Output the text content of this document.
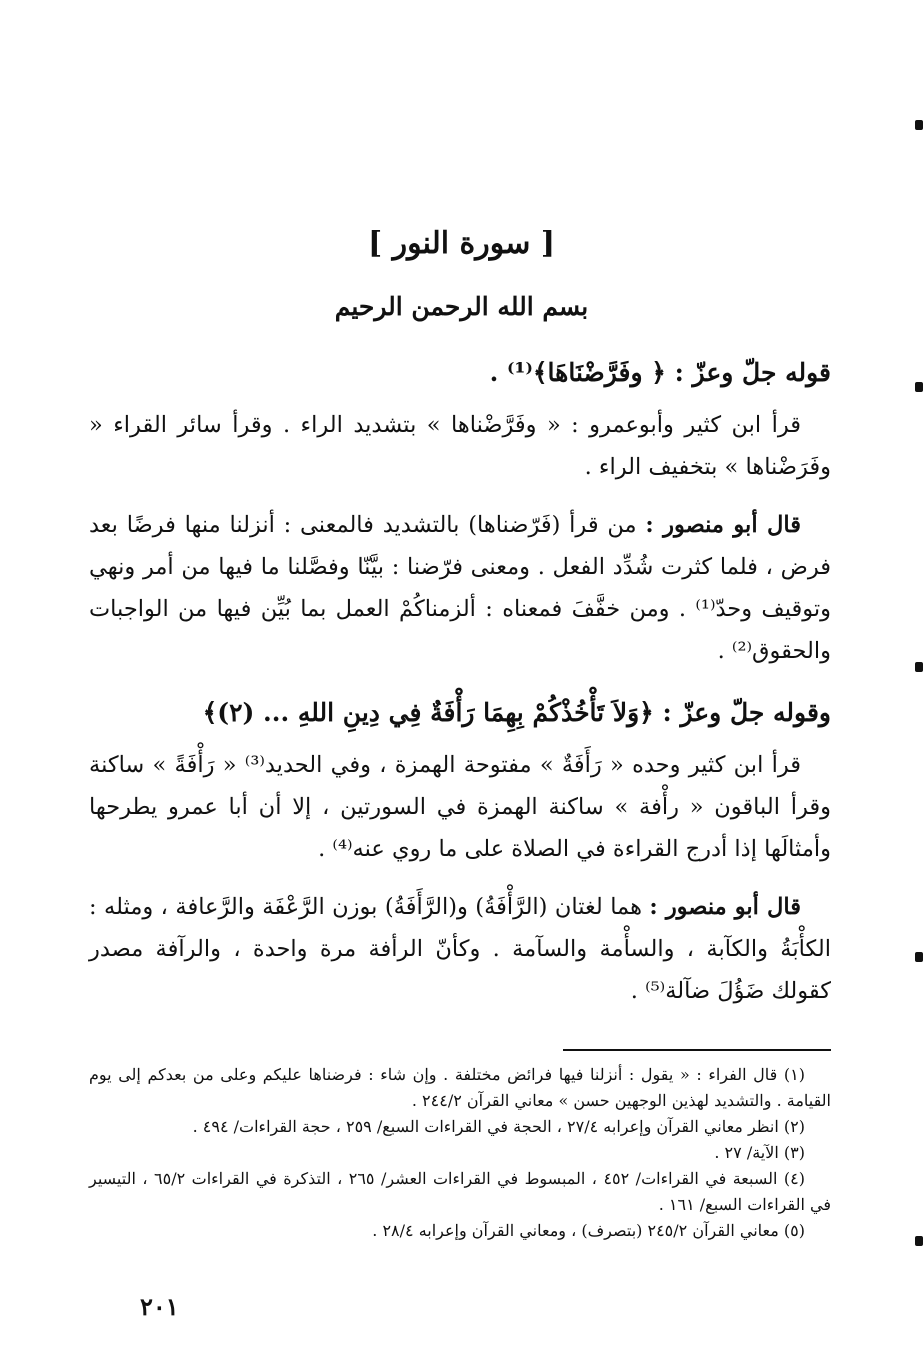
[ سورة النور ]
بسم الله الرحمن الرحيم

قوله جلّ وعزّ : ﴿ وفَرَّضْنَاهَا﴾⁽¹⁾ .

قرأ ابن كثير وأبوعمرو : « وفَرَّضْناها » بتشديد الراء . وقرأ سائر القراء « وفَرَضْناها » بتخفيف الراء .

قال أبو منصور : من قرأ (فَرّضناها) بالتشديد فالمعنى : أنزلنا منها فرضًا بعد فرض ، فلما كثرت شُدِّد الفعل . ومعنى فرّضنا : بيَّنّا وفصَّلنا ما فيها من أمر ونهي وتوقيف وحدّ⁽¹⁾ . ومن خفَّفَ فمعناه : ألزمناكُمْ العمل بما بُيِّن فيها من الواجبات والحقوق⁽²⁾ .

وقوله جلّ وعزّ : ﴿وَلاَ تَأْخُذْكُمْ بِهِمَا رَأْفَةٌ فِي دِينِ اللهِ ... (٢)﴾

قرأ ابن كثير وحده « رَأَفَةٌ » مفتوحة الهمزة ، وفي الحديد⁽³⁾ « رَأْفَةً » ساكنة وقرأ الباقون « رأْفة » ساكنة الهمزة في السورتين ، إلا أن أبا عمرو يطرحها وأمثالَها إذا أدرج القراءة في الصلاة على ما روي عنه⁽⁴⁾ .

قال أبو منصور : هما لغتان (الرَّأْفَةُ) و(الرَّأَفَةُ) بوزن الرَّعْفَة والرَّعافة ، ومثله : الكأْبَةُ والكآبة ، والسأْمة والسآمة . وكأنّ الرأفة مرة واحدة ، والرآفة مصدر كقولك ضَؤُلَ ضآلة⁽⁵⁾ .

(١) قال الفراء : « يقول : أنزلنا فيها فرائض مختلفة . وإن شاء : فرضناها عليكم وعلى من بعدكم إلى يوم القيامة . والتشديد لهذين الوجهين حسن » معاني القرآن ٢٤٤/٢ .

(٢) انظر معاني القرآن وإعرابه ٢٧/٤ ، الحجة في القراءات السبع/ ٢٥٩ ، حجة القراءات/ ٤٩٤ .

(٣) الآية/ ٢٧ .

(٤) السبعة في القراءات/ ٤٥٢ ، المبسوط في القراءات العشر/ ٢٦٥ ، التذكرة في القراءات ٦٥/٢ ، التيسير في القراءات السبع/ ١٦١ .

(٥) معاني القرآن ٢٤٥/٢ (بتصرف) ، ومعاني القرآن وإعرابه ٢٨/٤ .

٢٠١
